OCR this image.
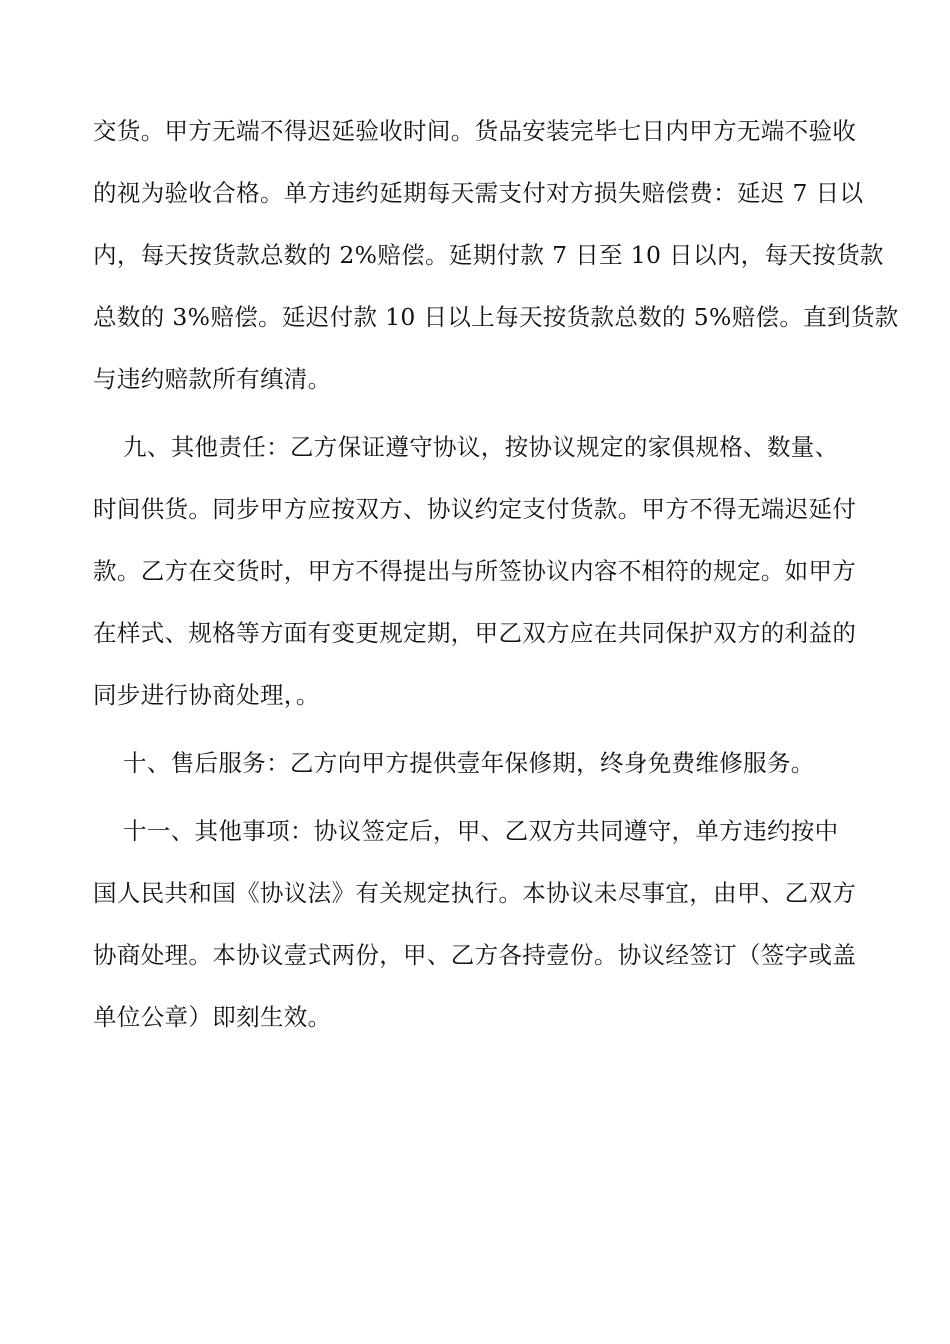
交货。甲方无端不得迟延验收时间。货品安装完毕七日内甲方无端不验收

的视为验收合格。单方违约延期每天需支付对方损失赔偿费：延迟 7 日以

内，每天按货款总数的 2%赔偿。延期付款 7 日至 10 日以内，每天按货款

总数的 3%赔偿。延迟付款 10 日以上每天按货款总数的 5%赔偿。直到货款

与违约赔款所有缜清。

九、其他责任：乙方保证遵守协议，按协议规定的家俱规格、数量、

时间供货。同步甲方应按双方、协议约定支付货款。甲方不得无端迟延付

款。乙方在交货时，甲方不得提出与所签协议内容不相符的规定。如甲方

在样式、规格等方面有变更规定期，甲乙双方应在共同保护双方的利益的

同步进行协商处理，。

十、售后服务：乙方向甲方提供壹年保修期，终身免费维修服务。

十一、其他事项：协议签定后，甲、乙双方共同遵守，单方违约按中

国人民共和国《协议法》有关规定执行。本协议未尽事宜，由甲、乙双方

协商处理。本协议壹式两份，甲、乙方各持壹份。协议经签订（签字或盖

单位公章）即刻生效。
